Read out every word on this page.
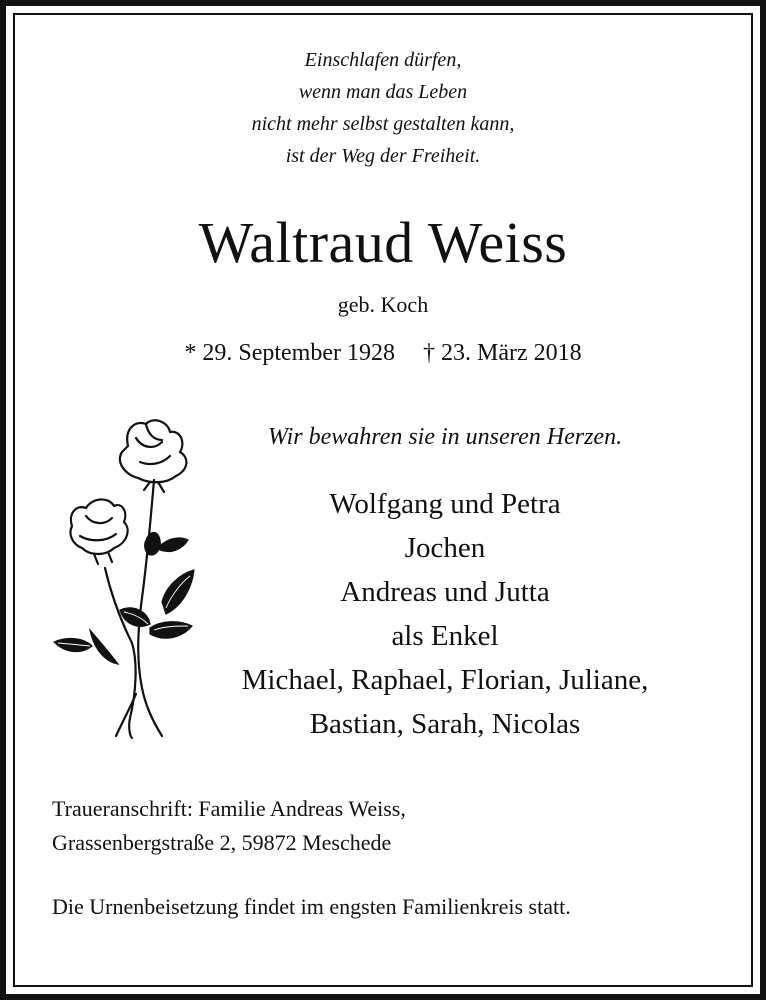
Einschlafen dürfen,
wenn man das Leben
nicht mehr selbst gestalten kann,
ist der Weg der Freiheit.
Waltraud Weiss
geb. Koch
* 29. September 1928 † 23. März 2018
Wir bewahren sie in unseren Herzen.
Wolfgang und Petra
Jochen
Andreas und Jutta
als Enkel
Michael, Raphael, Florian, Juliane,
Bastian, Sarah, Nicolas
Traueranschrift: Familie Andreas Weiss,
Grassenbergstraße 2, 59872 Meschede
Die Urnenbeisetzung findet im engsten Familienkreis statt.
